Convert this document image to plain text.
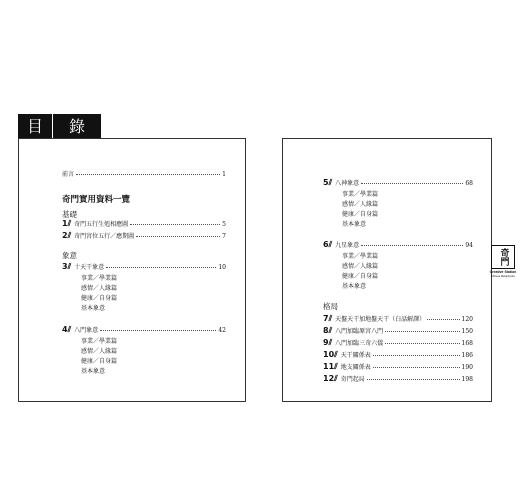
目	錄
前言	1
奇門實用資料一覽
基礎
1⫽ 奇門五行生剋相應圖	5
2⫽ 奇門宮位五行／應期圖	7
象意
3⫽ 十天干象意	10
事業／學業篇
感情／人緣篇
健康／自身篇
基本象意
4⫽ 八門象意	42
事業／學業篇
感情／人緣篇
健康／自身篇
基本象意
5⫽ 八神象意	68
事業／學業篇
感情／人緣篇
健康／自身篇
基本象意
6⫽ 九星象意	94
事業／學業篇
感情／人緣篇
健康／自身篇
基本象意
格局
7⫽ 天盤天干加地盤天干（白話解譯）	120
8⫽ 八門加臨原宮八門	150
9⫽ 八門加臨三奇六儀	168
10⫽ 天干關係表	186
11⫽ 地支關係表	190
12⫽ 奇門起局	198
奇門
Creative Station
Chinese Metaphysics
